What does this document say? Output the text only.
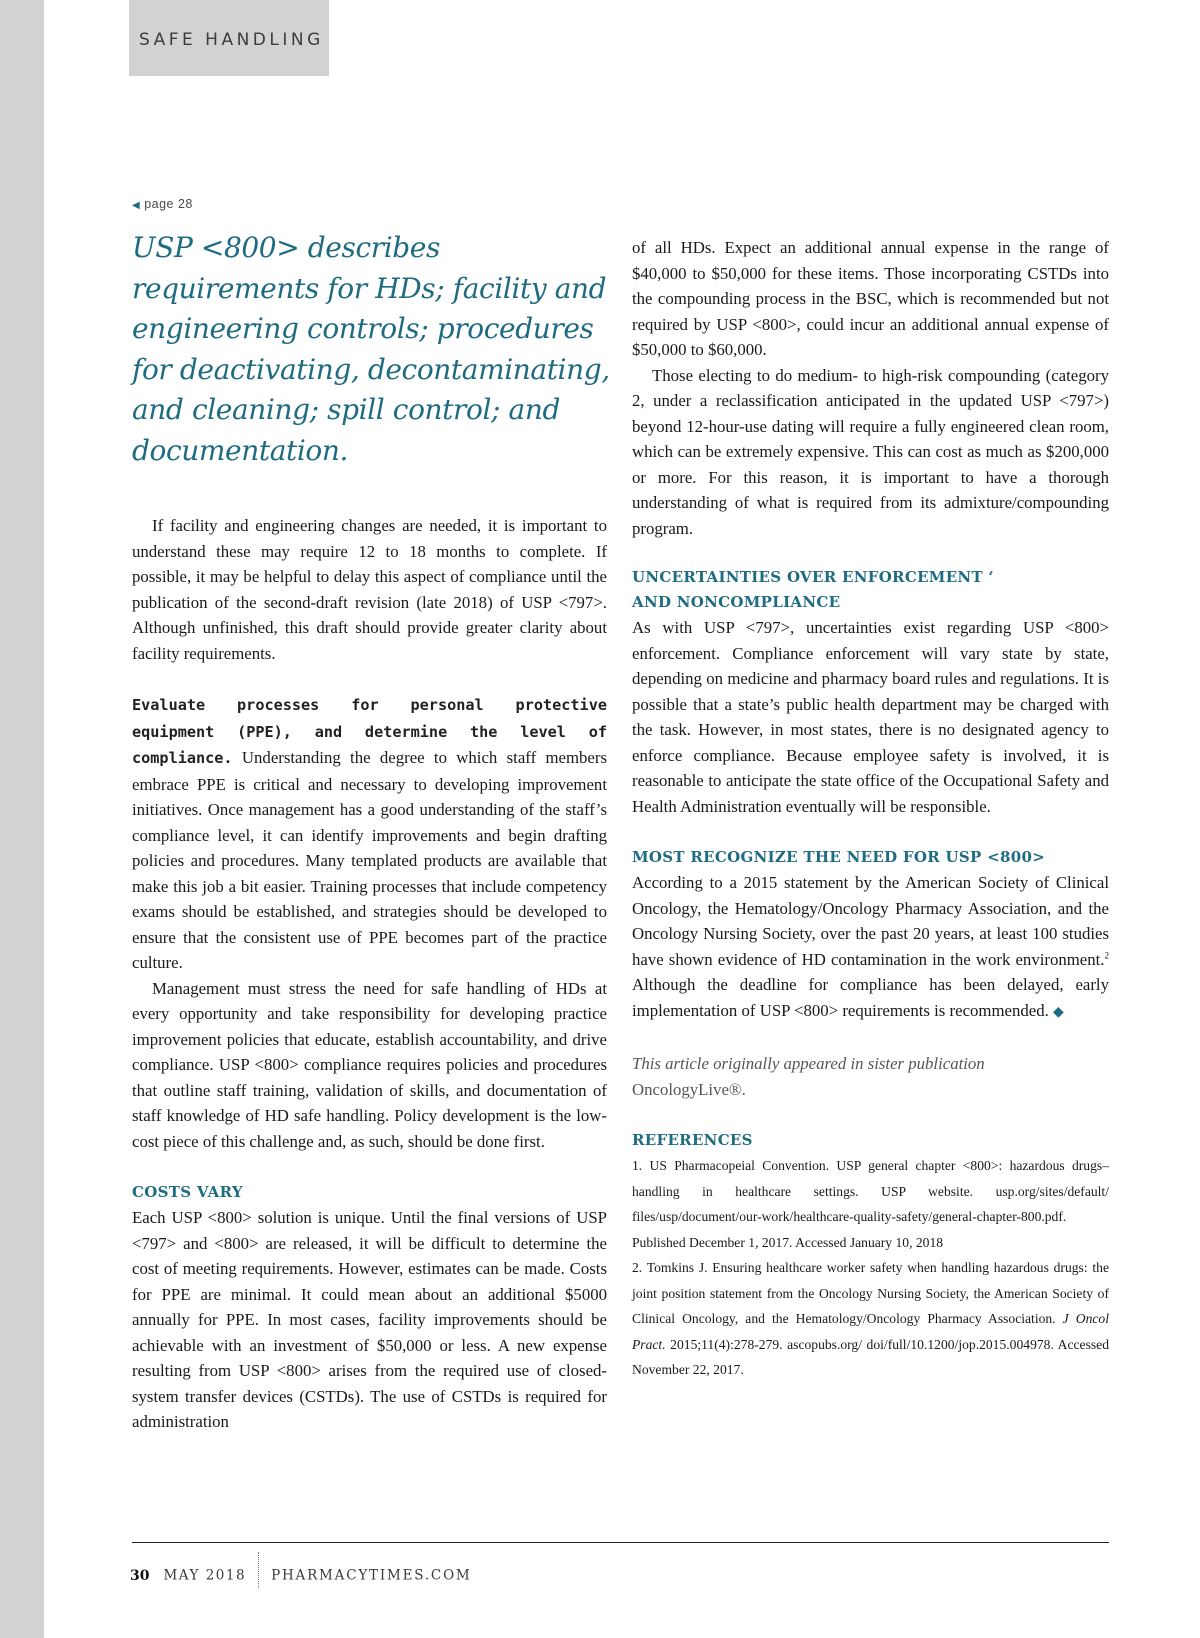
SAFE HANDLING
◀ page 28
USP <800> describes requirements for HDs; facility and engineering controls; procedures for deactivating, decontaminating, and cleaning; spill control; and documentation.

If facility and engineering changes are needed, it is important to understand these may require 12 to 18 months to complete. If possible, it may be helpful to delay this aspect of compliance until the publication of the second-draft revision (late 2018) of USP <797>. Although unfinished, this draft should provide greater clarity about facility requirements.

Evaluate processes for personal protective equipment (PPE), and determine the level of compliance. Understanding the degree to which staff members embrace PPE is critical and necessary to developing improvement initiatives. Once management has a good understanding of the staff’s compliance level, it can identify improvements and begin drafting policies and procedures. Many templated products are available that make this job a bit easier. Training processes that include competency exams should be established, and strategies should be developed to ensure that the consistent use of PPE becomes part of the practice culture.

Management must stress the need for safe handling of HDs at every opportunity and take responsibility for developing practice improvement policies that educate, establish accountability, and drive compliance. USP <800> compliance requires policies and procedures that outline staff training, validation of skills, and documentation of staff knowledge of HD safe handling. Policy development is the low-cost piece of this challenge and, as such, should be done first.

COSTS VARY

Each USP <800> solution is unique. Until the final versions of USP <797> and <800> are released, it will be difficult to determine the cost of meeting requirements. However, estimates can be made. Costs for PPE are minimal. It could mean about an additional $5000 annually for PPE. In most cases, facility improvements should be achievable with an investment of $50,000 or less. A new expense resulting from USP <800> arises from the required use of closed-system transfer devices (CSTDs). The use of CSTDs is required for administration

of all HDs. Expect an additional annual expense in the range of $40,000 to $50,000 for these items. Those incorporating CSTDs into the compounding process in the BSC, which is recommended but not required by USP <800>, could incur an additional annual expense of $50,000 to $60,000.

Those electing to do medium- to high-risk compounding (category 2, under a reclassification anticipated in the updated USP <797>) beyond 12-hour-use dating will require a fully engineered clean room, which can be extremely expensive. This can cost as much as $200,000 or more. For this reason, it is important to have a thorough understanding of what is required from its admixture/compounding program.

UNCERTAINTIES OVER ENFORCEMENT ‘
AND NONCOMPLIANCE

As with USP <797>, uncertainties exist regarding USP <800> enforcement. Compliance enforcement will vary state by state, depending on medicine and pharmacy board rules and regulations. It is possible that a state’s public health department may be charged with the task. However, in most states, there is no designated agency to enforce compliance. Because employee safety is involved, it is reasonable to anticipate the state office of the Occupational Safety and Health Administration eventually will be responsible.

MOST RECOGNIZE THE NEED FOR USP <800>

According to a 2015 statement by the American Society of Clinical Oncology, the Hematology/Oncology Pharmacy Association, and the Oncology Nursing Society, over the past 20 years, at least 100 studies have shown evidence of HD contamination in the work environment.$^2$ Although the deadline for compliance has been delayed, early implementation of USP <800> requirements is recommended. ◆

This article originally appeared in sister publication
OncologyLive®.

REFERENCES

1. US Pharmacopeial Convention. USP general chapter <800>: hazardous drugs–handling in healthcare settings. USP website. usp.org/sites/default/ files/usp/document/our-work/healthcare-quality-safety/general-chapter-800.pdf. Published December 1, 2017. Accessed January 10, 2018

2. Tomkins J. Ensuring healthcare worker safety when handling hazardous drugs: the joint position statement from the Oncology Nursing Society, the American Society of Clinical Oncology, and the Hematology/Oncology Pharmacy Association. J Oncol Pract. 2015;11(4):278-279. ascopubs.org/ doi/full/10.1200/jop.2015.004978. Accessed November 22, 2017.

30 MAY 2018 PHARMACYTIMES.COM
